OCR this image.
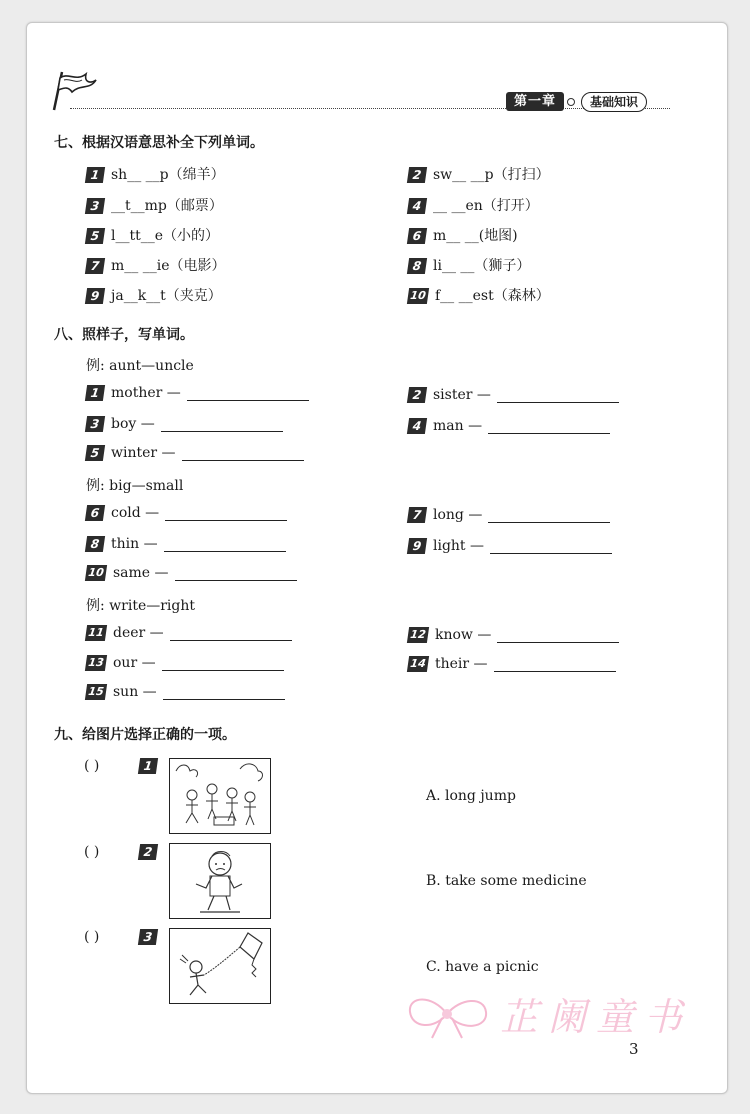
第一章	基础知识
七、根据汉语意思补全下列单词。
1 sh__ __p（绵羊）	2 sw__ __p（打扫）
3 __t__mp（邮票）	4 __ __en（打开）
5 l__tt__e（小的）	6 m__ __(地图)
7 m__ __ie（电影）	8 li__ __（狮子）
9 ja__k__t（夹克）	10 f__ __est（森林）
八、照样子，写单词。
例: aunt—uncle
1 mother —	2 sister —
3 boy —	4 man —
5 winter —
例: big—small
6 cold —	7 long —
8 thin —	9 light —
10 same —
例: write—right
11 deer —	12 know —
13 our —	14 their —
15 sun —
九、给图片选择正确的一项。
( )	1
A. long jump
( )	2
B. take some medicine
( )	3
C. have a picnic
芷阑童书
3
